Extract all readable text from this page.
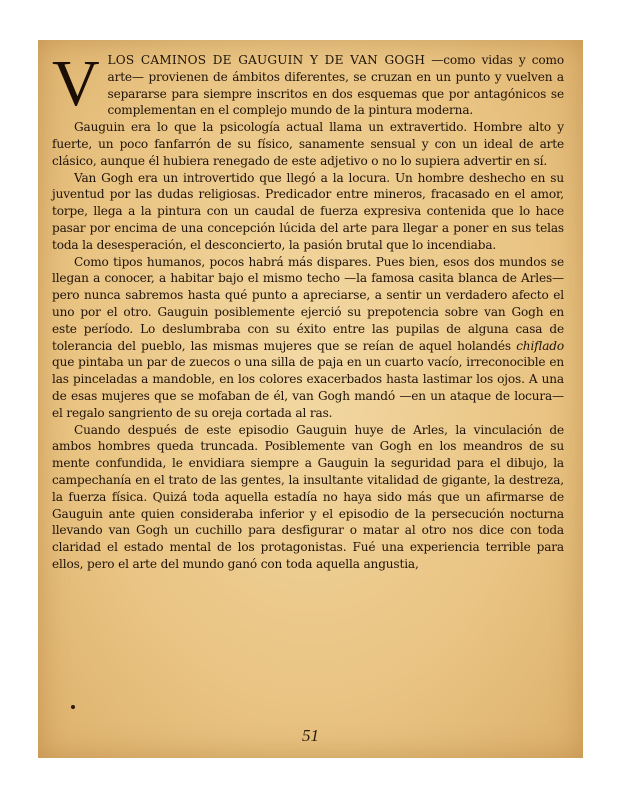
VLOS CAMINOS DE GAUGUIN Y DE VAN GOGH —como vidas y como arte— provienen de ámbitos diferentes, se cruzan en un punto y vuelven a separarse para siempre inscritos en dos esquemas que por antagónicos se complementan en el complejo mundo de la pintura moderna.

Gauguin era lo que la psicología actual llama un extravertido. Hombre alto y fuerte, un poco fanfarrón de su físico, sanamente sensual y con un ideal de arte clásico, aunque él hubiera renegado de este adjetivo o no lo supiera advertir en sí.

Van Gogh era un introvertido que llegó a la locura. Un hombre deshecho en su juventud por las dudas religiosas. Predicador entre mineros, fracasado en el amor, torpe, llega a la pintura con un caudal de fuerza expresiva contenida que lo hace pasar por encima de una concepción lúcida del arte para llegar a poner en sus telas toda la desesperación, el desconcierto, la pasión brutal que lo incendiaba.

Como tipos humanos, pocos habrá más dispares. Pues bien, esos dos mundos se llegan a conocer, a habitar bajo el mismo techo —la famosa casita blanca de Arles— pero nunca sabremos hasta qué punto a apreciarse, a sentir un verdadero afecto el uno por el otro. Gauguin posiblemente ejerció su prepotencia sobre van Gogh en este período. Lo deslumbraba con su éxito entre las pupilas de alguna casa de tolerancia del pueblo, las mismas mujeres que se reían de aquel holandés chiflado que pintaba un par de zuecos o una silla de paja en un cuarto vacío, irreconocible en las pinceladas a mandoble, en los colores exacerbados hasta lastimar los ojos. A una de esas mujeres que se mofaban de él, van Gogh mandó —en un ataque de locura— el regalo sangriento de su oreja cortada al ras.

Cuando después de este episodio Gauguin huye de Arles, la vinculación de ambos hombres queda truncada. Posiblemente van Gogh en los meandros de su mente confundida, le envidiara siempre a Gauguin la seguridad para el dibujo, la campechanía en el trato de las gentes, la insultante vitalidad de gigante, la destreza, la fuerza física. Quizá toda aquella estadía no haya sido más que un afirmarse de Gauguin ante quien consideraba inferior y el episodio de la persecución nocturna llevando van Gogh un cuchillo para desfigurar o matar al otro nos dice con toda claridad el estado mental de los protagonistas. Fué una experiencia terrible para ellos, pero el arte del mundo ganó con toda aquella angustia,

51
